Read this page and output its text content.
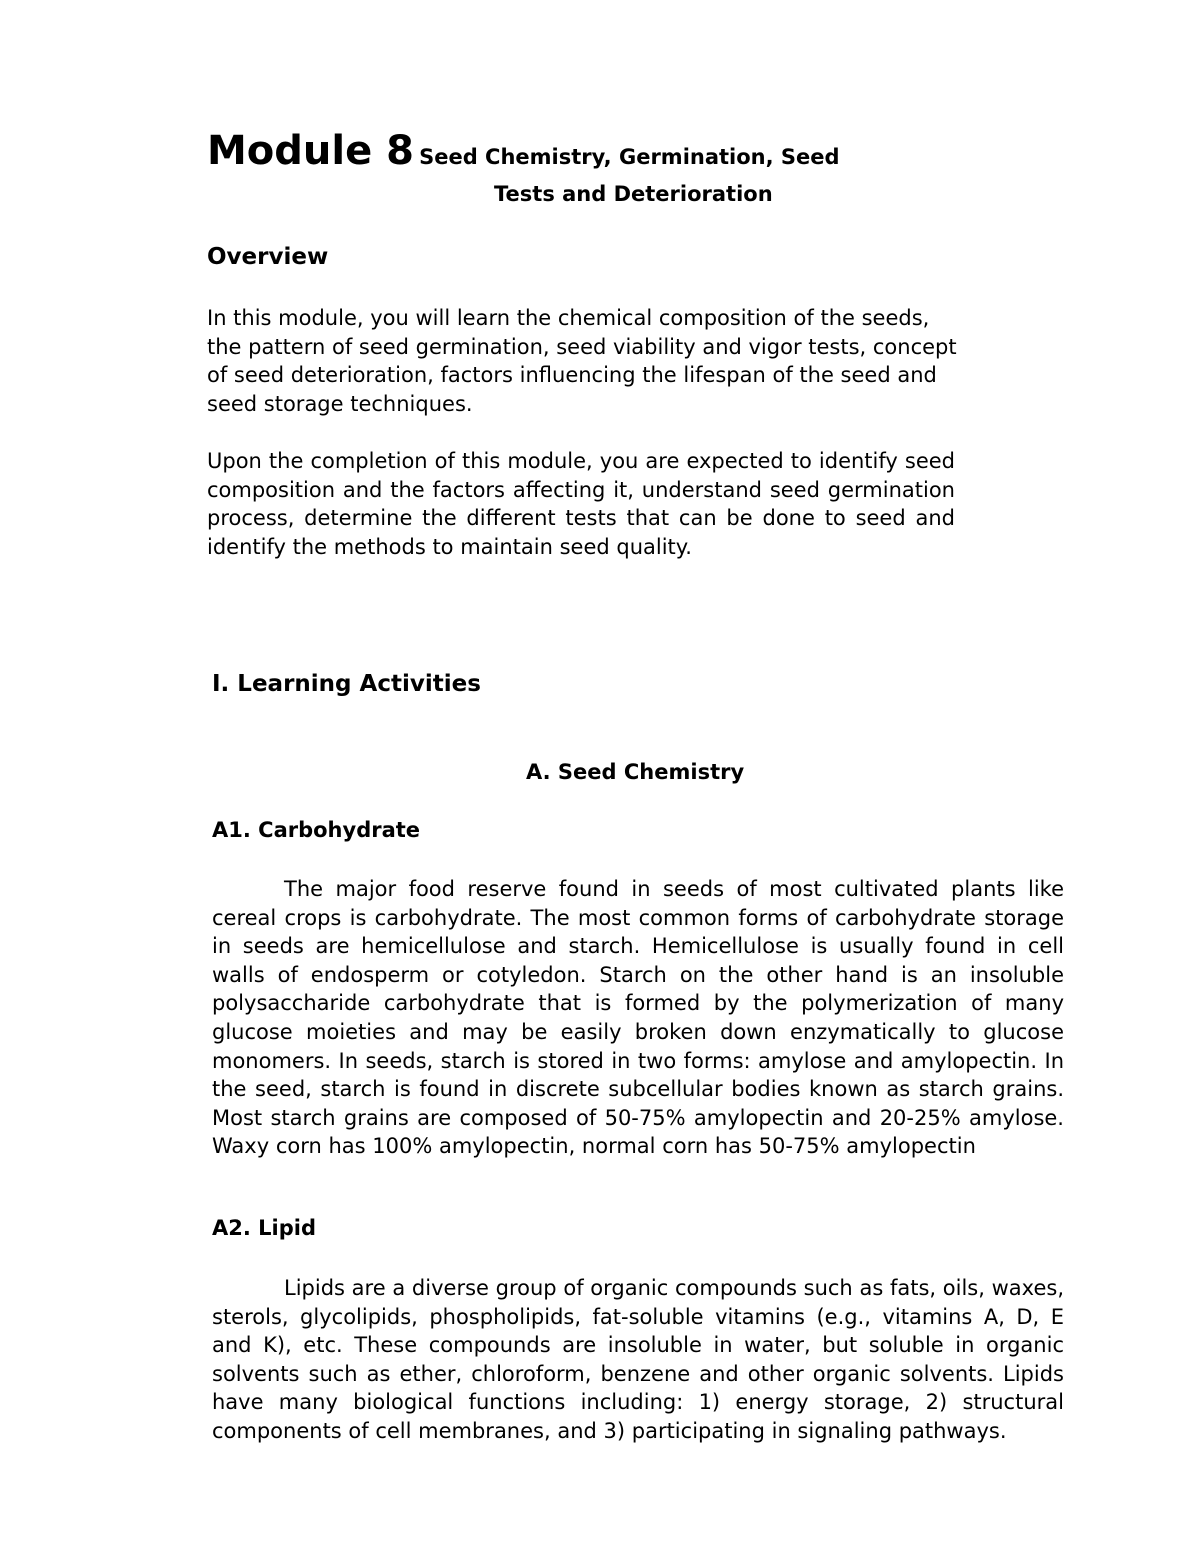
Module 8 Seed Chemistry, Germination, Seed
Tests and Deterioration
Overview

In this module, you will learn the chemical composition of the seeds, the pattern of seed germination, seed viability and vigor tests, concept of seed deterioration, factors influencing the lifespan of the seed and seed storage techniques.

Upon the completion of this module, you are expected to identify seed composition and the factors affecting it, understand seed germination process, determine the different tests that can be done to seed and identify the methods to maintain seed quality.

I. Learning Activities
A. Seed Chemistry
A1. Carbohydrate

The major food reserve found in seeds of most cultivated plants like cereal crops is carbohydrate. The most common forms of carbohydrate storage in seeds are hemicellulose and starch. Hemicellulose is usually found in cell walls of endosperm or cotyledon. Starch on the other hand is an insoluble polysaccharide carbohydrate that is formed by the polymerization of many glucose moieties and may be easily broken down enzymatically to glucose monomers. In seeds, starch is stored in two forms: amylose and amylopectin. In the seed, starch is found in discrete subcellular bodies known as starch grains. Most starch grains are composed of 50-75% amylopectin and 20-25% amylose. Waxy corn has 100% amylopectin, normal corn has 50-75% amylopectin

A2. Lipid

Lipids are a diverse group of organic compounds such as fats, oils, waxes, sterols, glycolipids, phospholipids, fat-soluble vitamins (e.g., vitamins A, D, E and K), etc. These compounds are insoluble in water, but soluble in organic solvents such as ether, chloroform, benzene and other organic solvents. Lipids have many biological functions including: 1) energy storage, 2) structural components of cell membranes, and 3) participating in signaling pathways.
